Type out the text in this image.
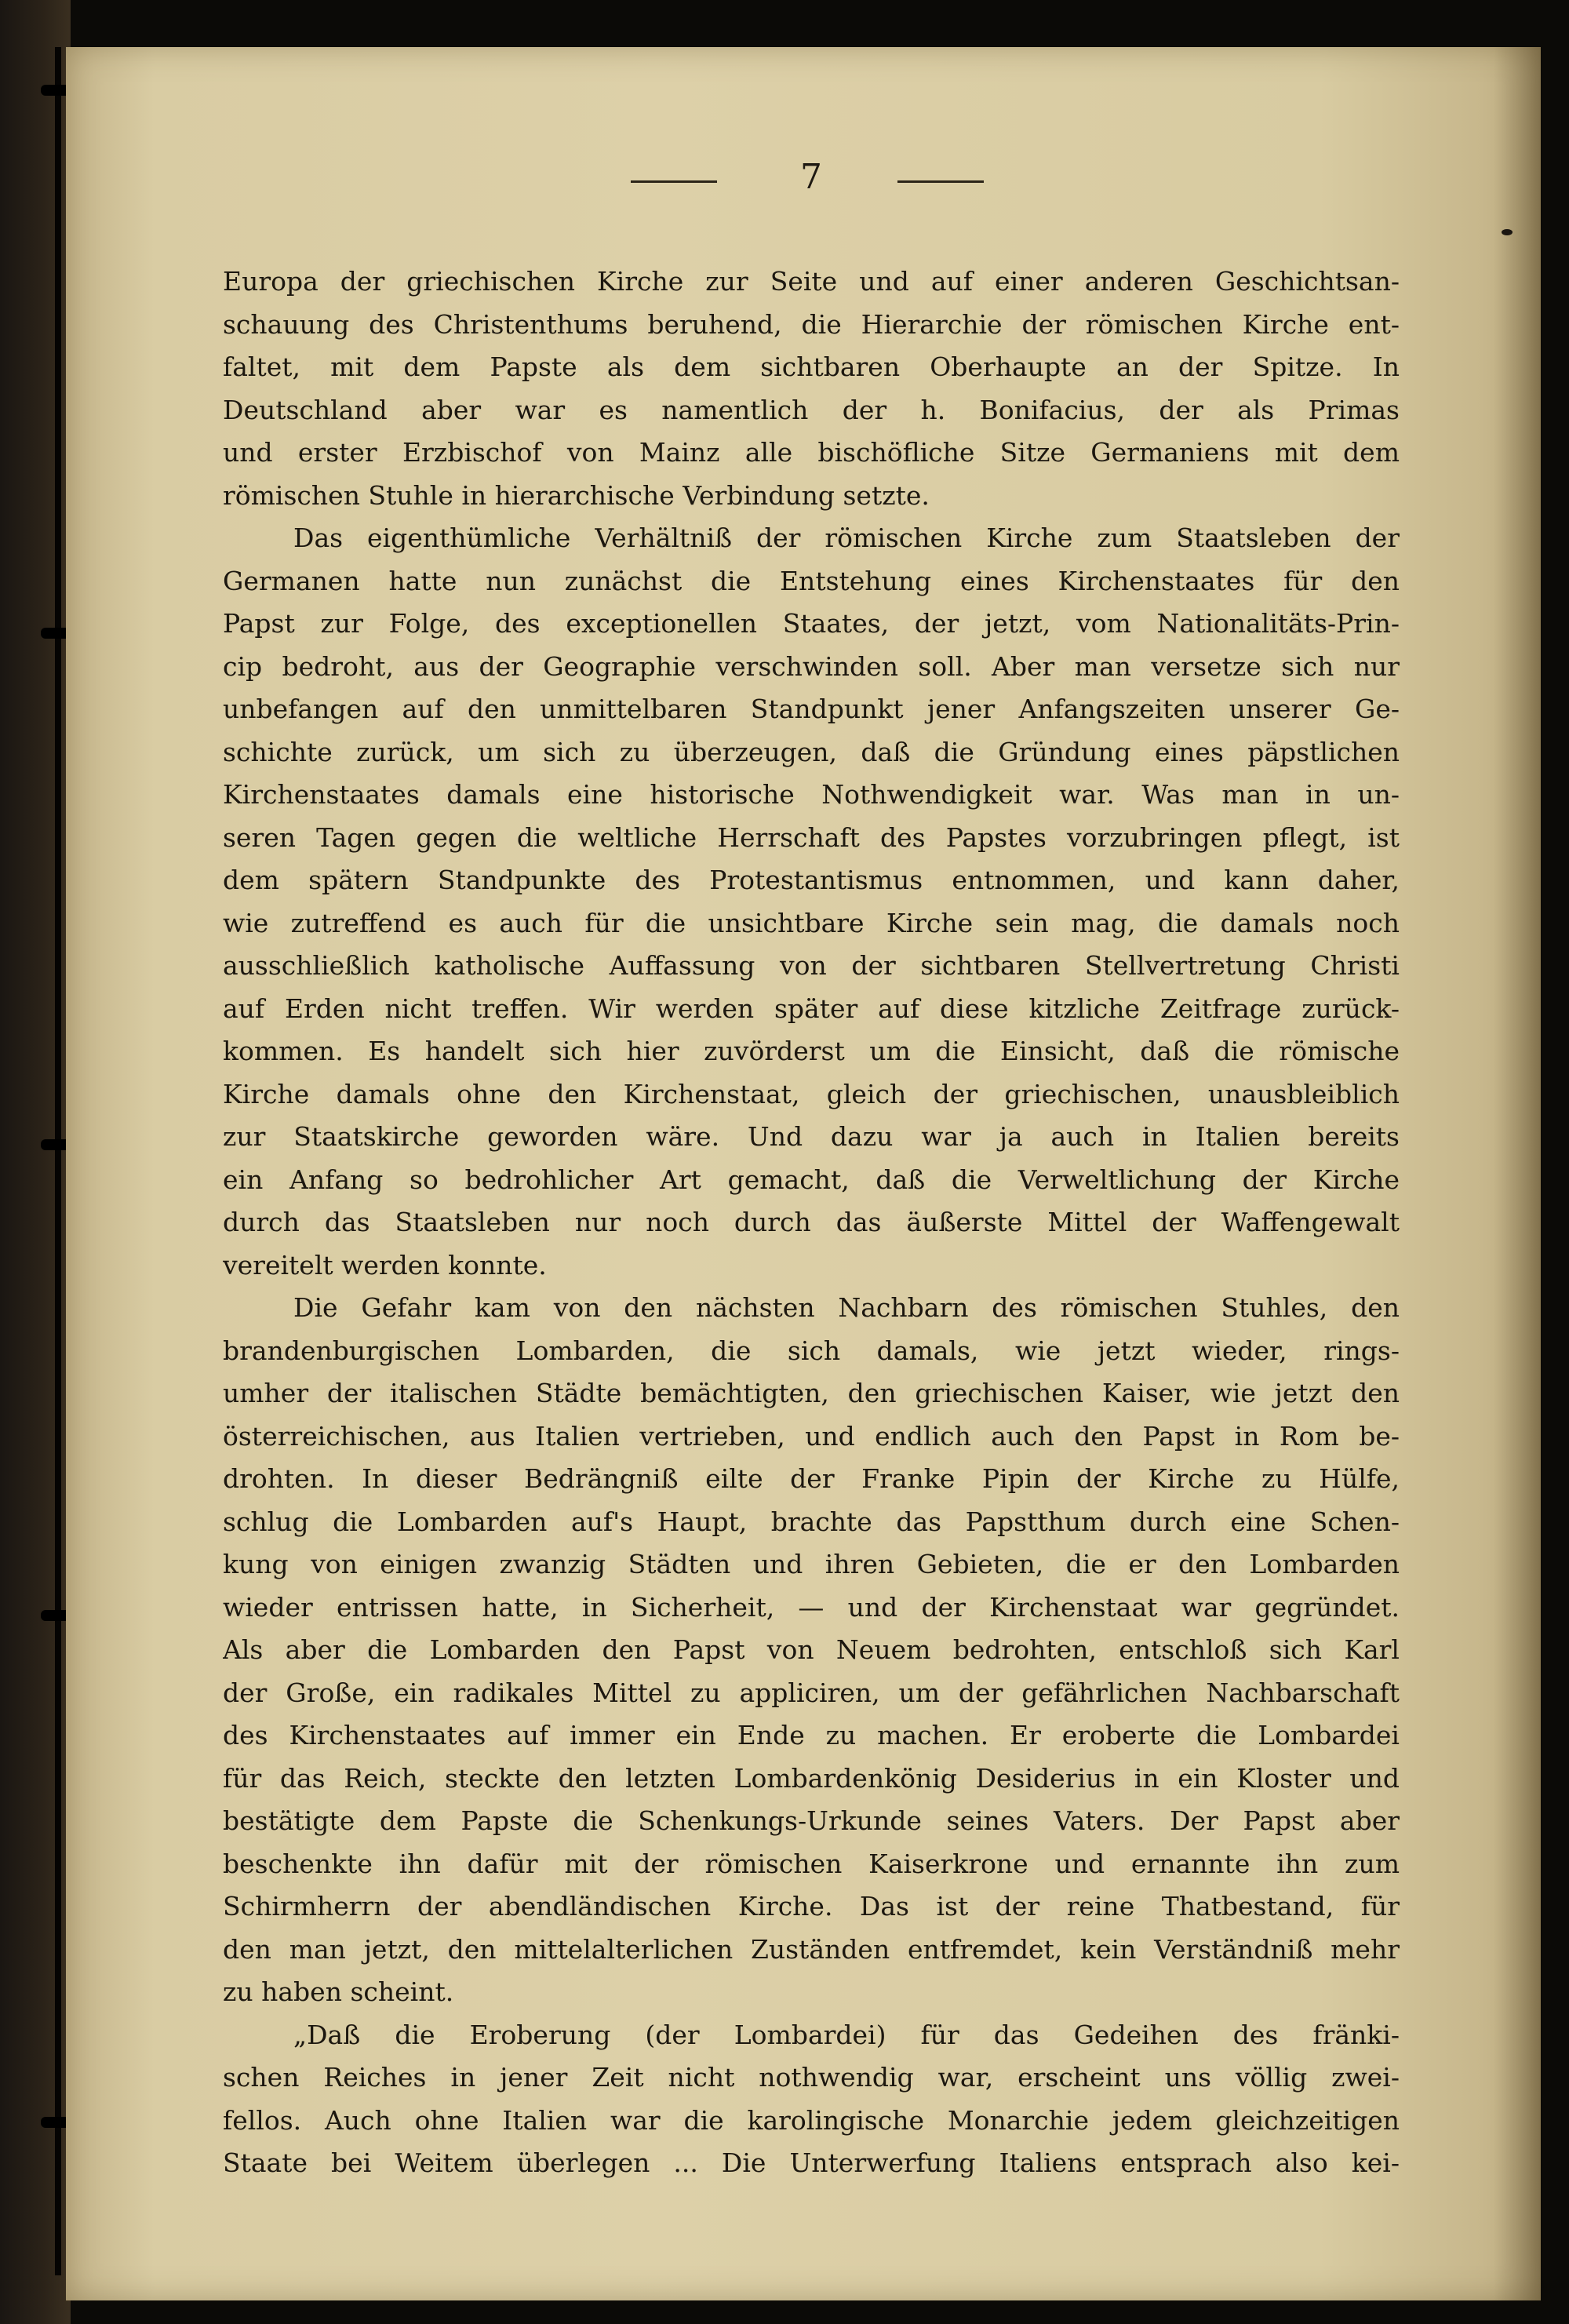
7
Europa der griechischen Kirche zur Seite und auf einer anderen Geschichtsan-
schauung des Christenthums beruhend, die Hierarchie der römischen Kirche ent-
faltet, mit dem Papste als dem sichtbaren Oberhaupte an der Spitze. In
Deutschland aber war es namentlich der h. Bonifacius, der als Primas
und erster Erzbischof von Mainz alle bischöfliche Sitze Germaniens mit dem
römischen Stuhle in hierarchische Verbindung setzte.
Das eigenthümliche Verhältniß der römischen Kirche zum Staatsleben der
Germanen hatte nun zunächst die Entstehung eines Kirchenstaates für den
Papst zur Folge, des exceptionellen Staates, der jetzt, vom Nationalitäts-Prin-
cip bedroht, aus der Geographie verschwinden soll. Aber man versetze sich nur
unbefangen auf den unmittelbaren Standpunkt jener Anfangszeiten unserer Ge-
schichte zurück, um sich zu überzeugen, daß die Gründung eines päpstlichen
Kirchenstaates damals eine historische Nothwendigkeit war. Was man in un-
seren Tagen gegen die weltliche Herrschaft des Papstes vorzubringen pflegt, ist
dem spätern Standpunkte des Protestantismus entnommen, und kann daher,
wie zutreffend es auch für die unsichtbare Kirche sein mag, die damals noch
ausschließlich katholische Auffassung von der sichtbaren Stellvertretung Christi
auf Erden nicht treffen. Wir werden später auf diese kitzliche Zeitfrage zurück-
kommen. Es handelt sich hier zuvörderst um die Einsicht, daß die römische
Kirche damals ohne den Kirchenstaat, gleich der griechischen, unausbleiblich
zur Staatskirche geworden wäre. Und dazu war ja auch in Italien bereits
ein Anfang so bedrohlicher Art gemacht, daß die Verweltlichung der Kirche
durch das Staatsleben nur noch durch das äußerste Mittel der Waffengewalt
vereitelt werden konnte.
Die Gefahr kam von den nächsten Nachbarn des römischen Stuhles, den
brandenburgischen Lombarden, die sich damals, wie jetzt wieder, rings-
umher der italischen Städte bemächtigten, den griechischen Kaiser, wie jetzt den
österreichischen, aus Italien vertrieben, und endlich auch den Papst in Rom be-
drohten. In dieser Bedrängniß eilte der Franke Pipin der Kirche zu Hülfe,
schlug die Lombarden auf's Haupt, brachte das Papstthum durch eine Schen-
kung von einigen zwanzig Städten und ihren Gebieten, die er den Lombarden
wieder entrissen hatte, in Sicherheit, — und der Kirchenstaat war gegründet.
Als aber die Lombarden den Papst von Neuem bedrohten, entschloß sich Karl
der Große, ein radikales Mittel zu appliciren, um der gefährlichen Nachbarschaft
des Kirchenstaates auf immer ein Ende zu machen. Er eroberte die Lombardei
für das Reich, steckte den letzten Lombardenkönig Desiderius in ein Kloster und
bestätigte dem Papste die Schenkungs-Urkunde seines Vaters. Der Papst aber
beschenkte ihn dafür mit der römischen Kaiserkrone und ernannte ihn zum
Schirmherrn der abendländischen Kirche. Das ist der reine Thatbestand, für
den man jetzt, den mittelalterlichen Zuständen entfremdet, kein Verständniß mehr
zu haben scheint.
„Daß die Eroberung (der Lombardei) für das Gedeihen des fränki-
schen Reiches in jener Zeit nicht nothwendig war, erscheint uns völlig zwei-
fellos. Auch ohne Italien war die karolingische Monarchie jedem gleichzeitigen
Staate bei Weitem überlegen ... Die Unterwerfung Italiens entsprach also kei-
